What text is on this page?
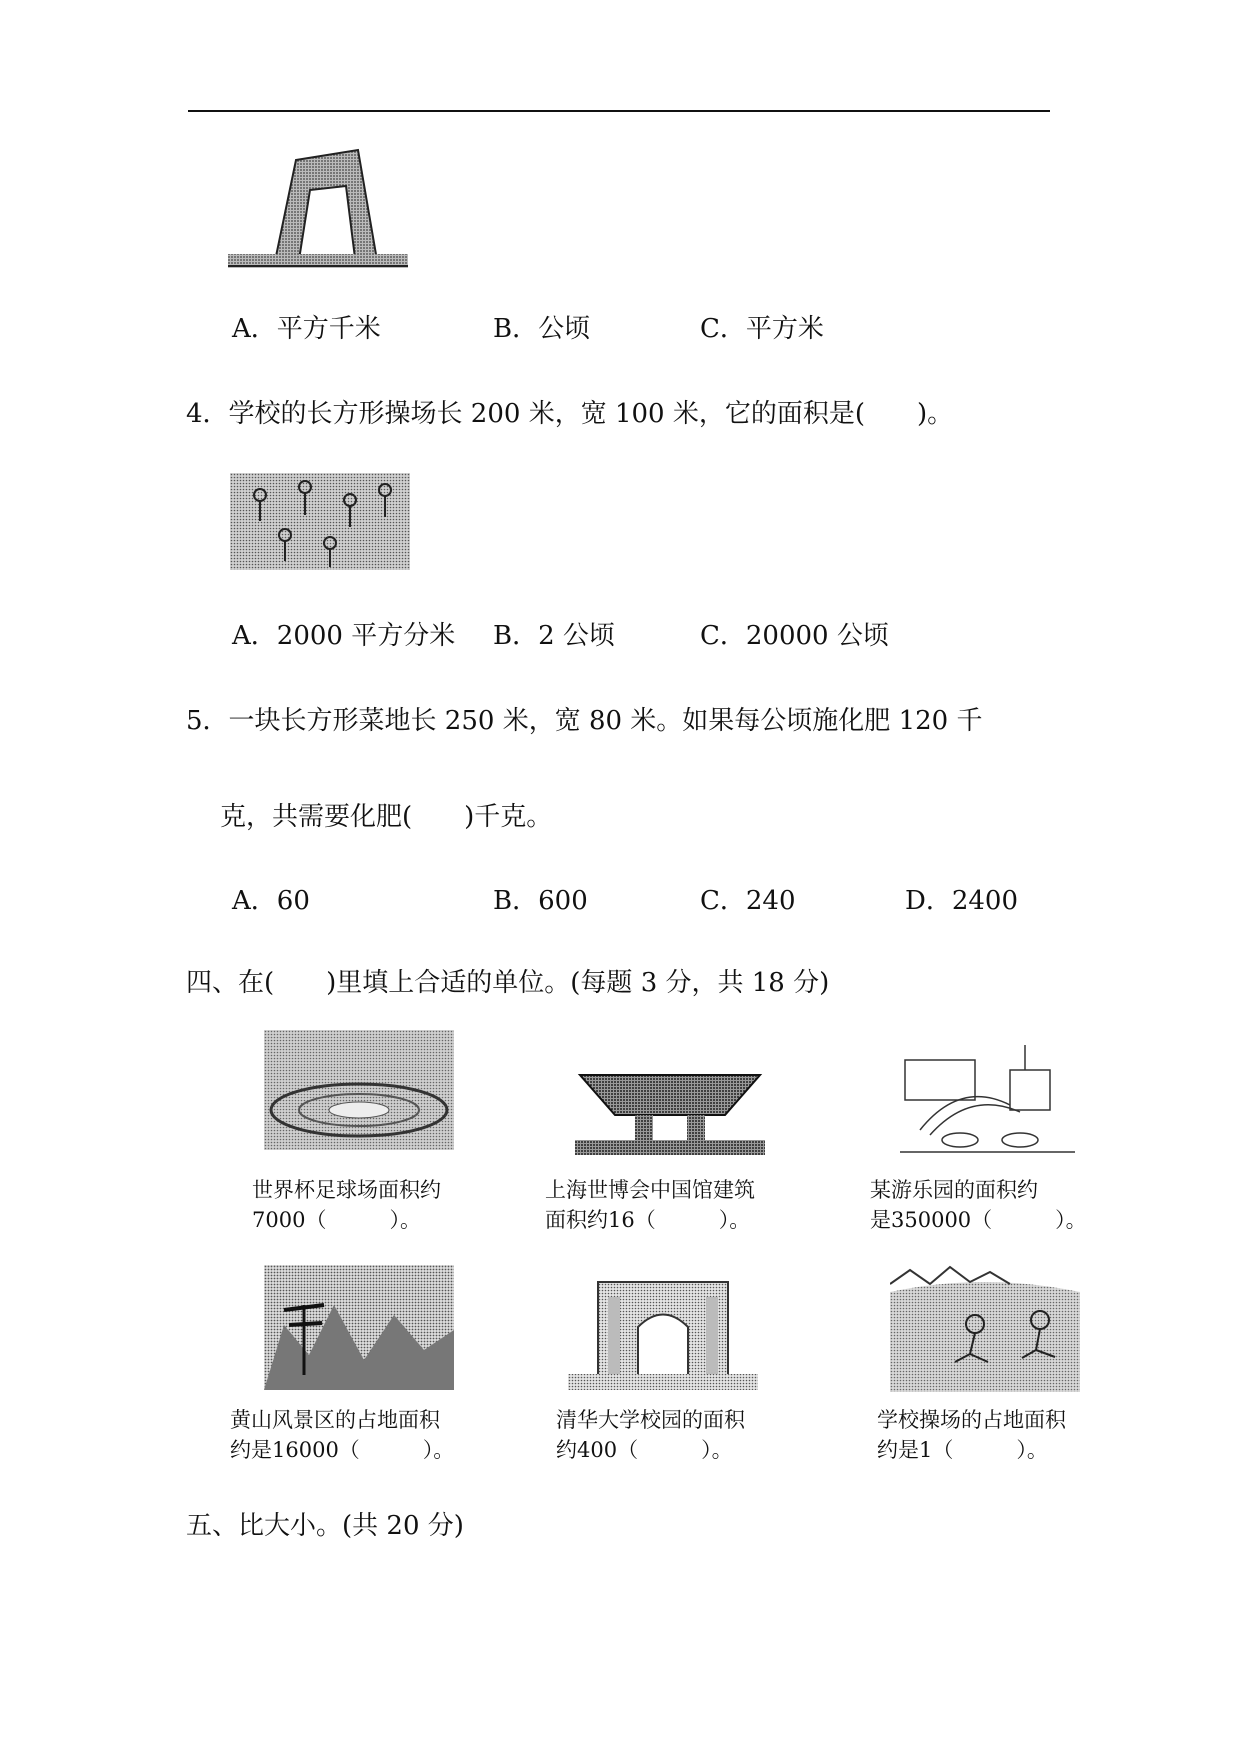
A．平方千米	B．公顷	C．平方米
4．学校的长方形操场长 200 米，宽 100 米，它的面积是(　　)。
A．2000 平方分米 B．2 公顷	C．20000 公顷
5．一块长方形菜地长 250 米，宽 80 米。如果每公顷施化肥 120 千
克，共需要化肥(　　)千克。
A．60	B．600	C．240	D．2400
四、在(　　)里填上合适的单位。(每题 3 分，共 18 分)
世界杯足球场面积约
7000（　　　）。
上海世博会中国馆建筑
面积约16（　　　）。
某游乐园的面积约
是350000（　　　）。
黄山风景区的占地面积
约是16000（　　　）。
清华大学校园的面积
约400（　　　）。
学校操场的占地面积
约是1（　　　）。
五、比大小。(共 20 分)
